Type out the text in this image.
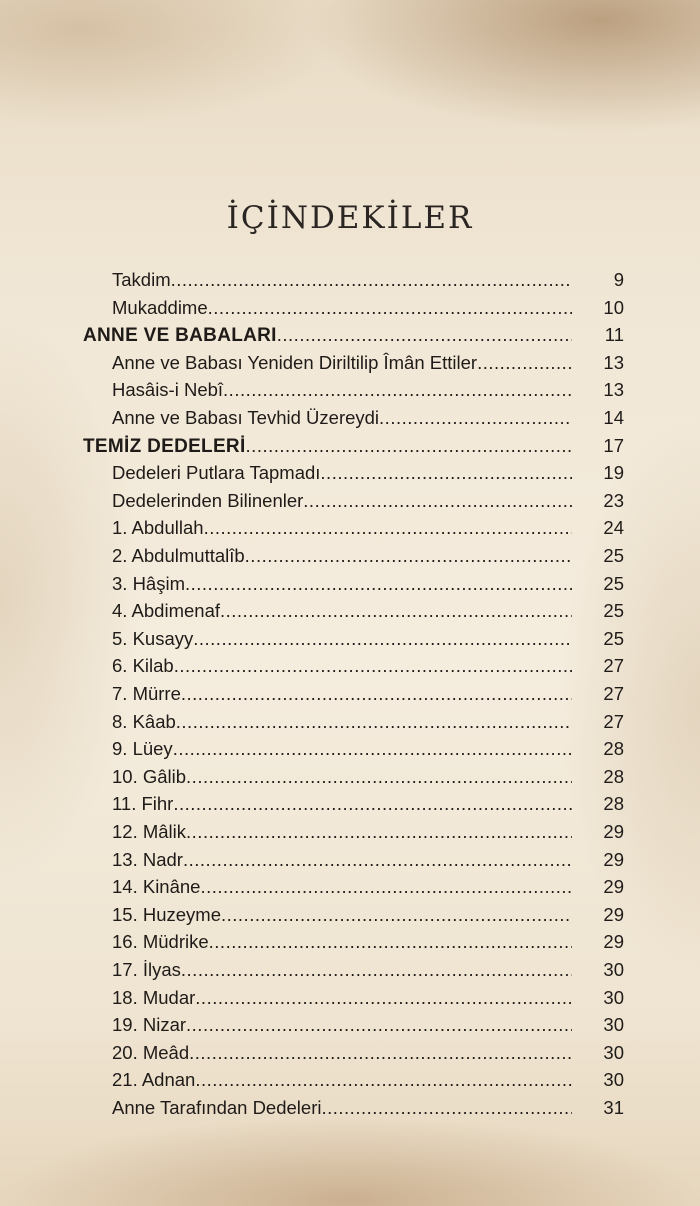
İÇİNDEKİLER
Takdim .....	9
Mukaddime .....	10
ANNE VE BABALARI .....	11
Anne ve Babası Yeniden Diriltilip Îmân Ettiler .....	13
Hasâis-i Nebî .....	13
Anne ve Babası Tevhid Üzereydi .....	14
TEMİZ DEDELERİ .....	17
Dedeleri Putlara Tapmadı .....	19
Dedelerinden Bilinenler .....	23
1. Abdullah .....	24
2. Abdulmuttalîb .....	25
3. Hâşim .....	25
4. Abdimenaf .....	25
5. Kusayy .....	25
6. Kilab .....	27
7. Mürre .....	27
8. Kâab .....	27
9. Lüey .....	28
10. Gâlib .....	28
11. Fihr .....	28
12. Mâlik .....	29
13. Nadr .....	29
14. Kinâne .....	29
15. Huzeyme .....	29
16. Müdrike .....	29
17. İlyas .....	30
18. Mudar .....	30
19. Nizar .....	30
20. Meâd .....	30
21. Adnan .....	30
Anne Tarafından Dedeleri .....	31
